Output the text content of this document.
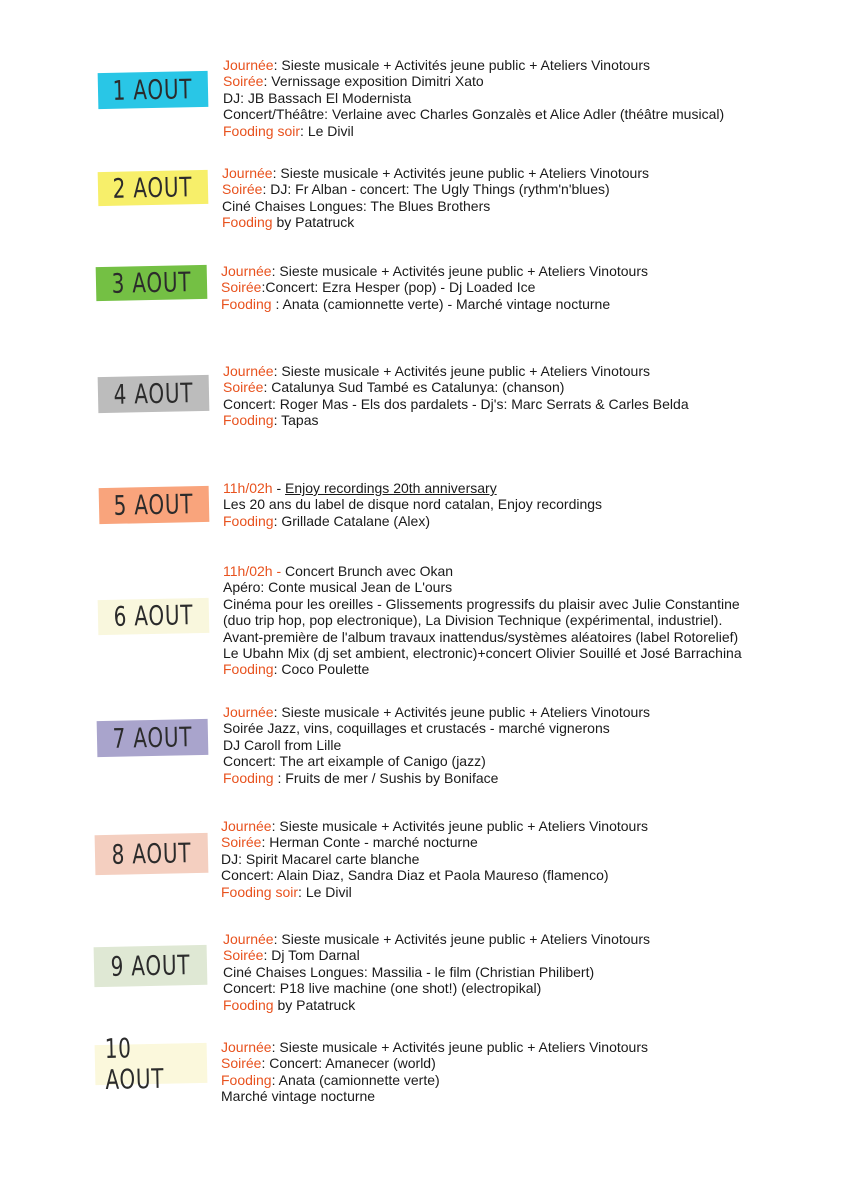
1 AOUT
Journée: Sieste musicale + Activités jeune public + Ateliers Vinotours
Soirée: Vernissage exposition Dimitri Xato
DJ: JB Bassach El Modernista
Concert/Théâtre: Verlaine avec Charles Gonzalès et Alice Adler (théâtre musical)
Fooding soir: Le Divil
2 AOUT Journée: Sieste musicale + Activités jeune public + Ateliers Vinotours
Soirée: DJ: Fr Alban - concert: The Ugly Things (rythm'n'blues)
Ciné Chaises Longues: The Blues Brothers
Fooding by Patatruck
3 AOUT Journée: Sieste musicale + Activités jeune public + Ateliers Vinotours
Soirée:Concert: Ezra Hesper (pop) - Dj Loaded Ice
Fooding : Anata (camionnette verte) - Marché vintage nocturne
4 AOUT
Journée: Sieste musicale + Activités jeune public + Ateliers Vinotours
Soirée: Catalunya Sud També es Catalunya: (chanson)
Concert: Roger Mas - Els dos pardalets - Dj's: Marc Serrats & Carles Belda
Fooding: Tapas
5 AOUT
11h/02h - Enjoy recordings 20th anniversary
Les 20 ans du label de disque nord catalan, Enjoy recordings
Fooding: Grillade Catalane (Alex)
6 AOUT
11h/02h - Concert Brunch avec Okan
Apéro: Conte musical Jean de L'ours
Cinéma pour les oreilles - Glissements progressifs du plaisir avec Julie Constantine
(duo trip hop, pop electronique), La Division Technique (expérimental, industriel).
Avant-première de l'album travaux inattendus/systèmes aléatoires (label Rotorelief)
Le Ubahn Mix (dj set ambient, electronic)+concert Olivier Souillé et José Barrachina
Fooding: Coco Poulette
7 AOUT
Journée: Sieste musicale + Activités jeune public + Ateliers Vinotours
Soirée Jazz, vins, coquillages et crustacés - marché vignerons
DJ Caroll from Lille
Concert: The art eixample of Canigo (jazz)
Fooding : Fruits de mer / Sushis by Boniface
8 AOUT
Journée: Sieste musicale + Activités jeune public + Ateliers Vinotours
Soirée: Herman Conte - marché nocturne
DJ: Spirit Macarel carte blanche
Concert: Alain Diaz, Sandra Diaz et Paola Maureso (flamenco)
Fooding soir: Le Divil
9 AOUT
Journée: Sieste musicale + Activités jeune public + Ateliers Vinotours
Soirée: Dj Tom Darnal
Ciné Chaises Longues: Massilia - le film (Christian Philibert)
Concert: P18 live machine (one shot!) (electropikal)
Fooding by Patatruck
10 AOUT
Journée: Sieste musicale + Activités jeune public + Ateliers Vinotours
Soirée: Concert: Amanecer (world)
Fooding: Anata (camionnette verte)
Marché vintage nocturne
